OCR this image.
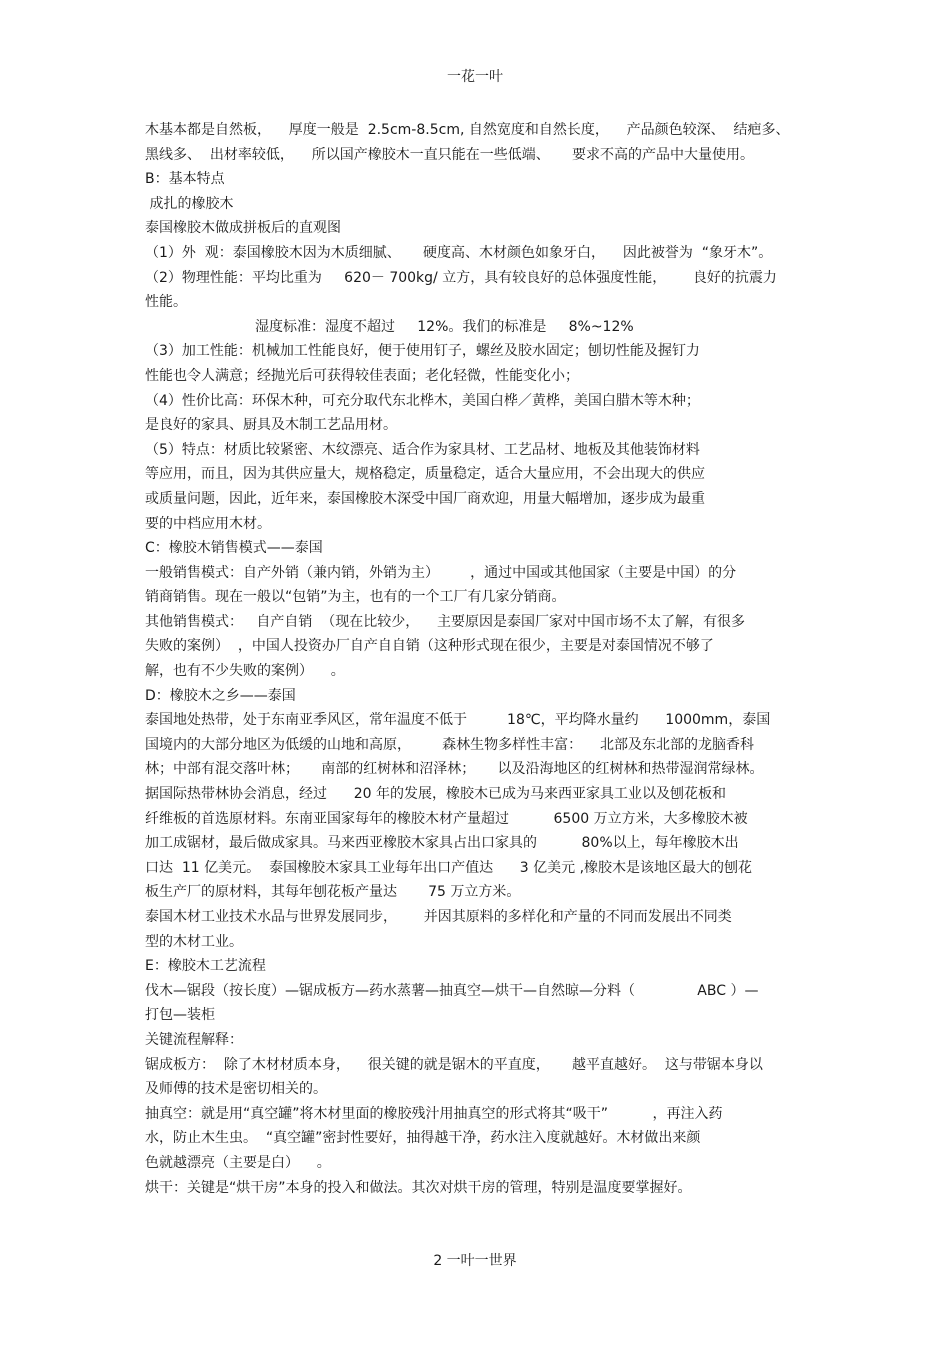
一花一叶
木基本都是自然板，    厚度一般是  2.5cm-8.5cm, 自然宽度和自然长度，    产品颜色较深、  结疤多、
黑线多、  出材率较低，    所以国产橡胶木一直只能在一些低端、     要求不高的产品中大量使用。
B：基本特点
成扎的橡胶木
泰国橡胶木做成拼板后的直观图
（1）外  观：泰国橡胶木因为木质细腻、     硬度高、木材颜色如象牙白，    因此被誉为  “象牙木”。
（2）物理性能：平均比重为     620－ 700kg/ 立方，具有较良好的总体强度性能，      良好的抗震力
性能。
湿度标准：湿度不超过     12%。我们的标准是     8%~12%
（3）加工性能：机械加工性能良好，便于使用钉子，螺丝及胶水固定；刨切性能及握钉力
性能也令人满意；经抛光后可获得较佳表面；老化轻微，性能变化小；
（4）性价比高：环保木种，可充分取代东北桦木，美国白桦／黄桦，美国白腊木等木种；
是良好的家具、厨具及木制工艺品用材。
（5）特点：材质比较紧密、木纹漂亮、适合作为家具材、工艺品材、地板及其他装饰材料
等应用，而且，因为其供应量大，规格稳定，质量稳定，适合大量应用，不会出现大的供应
或质量问题，因此，近年来，泰国橡胶木深受中国厂商欢迎，用量大幅增加，逐步成为最重
要的中档应用木材。
C：橡胶木销售模式——泰国
一般销售模式：自产外销（兼内销，外销为主）       ，通过中国或其他国家（主要是中国）的分
销商销售。现在一般以“包销”为主，也有的一个工厂有几家分销商。
其他销售模式：   自产自销  （现在比较少，    主要原因是泰国厂家对中国市场不太了解，有很多
失败的案例）  ，中国人投资办厂自产自自销（这种形式现在很少，主要是对泰国情况不够了
解，也有不少失败的案例）    。
D：橡胶木之乡——泰国
泰国地处热带，处于东南亚季风区，常年温度不低于         18℃，平均降水量约      1000mm，泰国
国境内的大部分地区为低缓的山地和高原，       森林生物多样性丰富：    北部及东北部的龙脑香科
林；中部有混交落叶林；     南部的红树林和沼泽林；     以及沿海地区的红树林和热带湿润常绿林。
据国际热带林协会消息，经过      20 年的发展，橡胶木已成为马来西亚家具工业以及刨花板和
纤维板的首选原材料。东南亚国家每年的橡胶木材产量超过          6500 万立方米，大多橡胶木被
加工成锯材，最后做成家具。马来西亚橡胶木家具占出口家具的          80%以上，每年橡胶木出
口达  11 亿美元。  泰国橡胶木家具工业每年出口产值达      3 亿美元 ,橡胶木是该地区最大的刨花
板生产厂的原材料，其每年刨花板产量达       75 万立方米。
泰国木材工业技术水品与世界发展同步，      并因其原料的多样化和产量的不同而发展出不同类
型的木材工业。
E：橡胶木工艺流程
伐木—锯段（按长度）—锯成板方—药水蒸薯—抽真空—烘干—自然晾—分料（              ABC ）—
打包—装柜
关键流程解释：
锯成板方：  除了木材材质本身，    很关键的就是锯木的平直度，     越平直越好。  这与带锯本身以
及师傅的技术是密切相关的。
抽真空：就是用“真空罐”将木材里面的橡胶残汁用抽真空的形式将其“吸干”          ，再注入药
水，防止木生虫。  “真空罐”密封性要好，抽得越干净，药水注入度就越好。木材做出来颜
色就越漂亮（主要是白）    。
烘干：关键是“烘干房”本身的投入和做法。其次对烘干房的管理，特别是温度要掌握好。
2 一叶一世界
